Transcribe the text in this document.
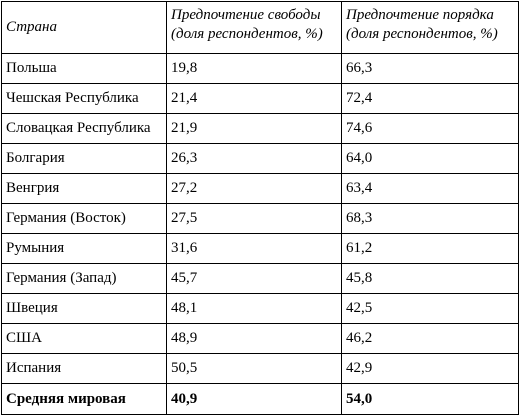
Страна	Предпочтение свободы (доля респондентов, %)	Предпочтение порядка (доля респондентов, %)
Польша	19,8	66,3
Чешская Республика	21,4	72,4
Словацкая Республика	21,9	74,6
Болгария	26,3	64,0
Венгрия	27,2	63,4
Германия (Восток)	27,5	68,3
Румыния	31,6	61,2
Германия (Запад)	45,7	45,8
Швеция	48,1	42,5
США	48,9	46,2
Испания	50,5	42,9
Средняя мировая	40,9	54,0
